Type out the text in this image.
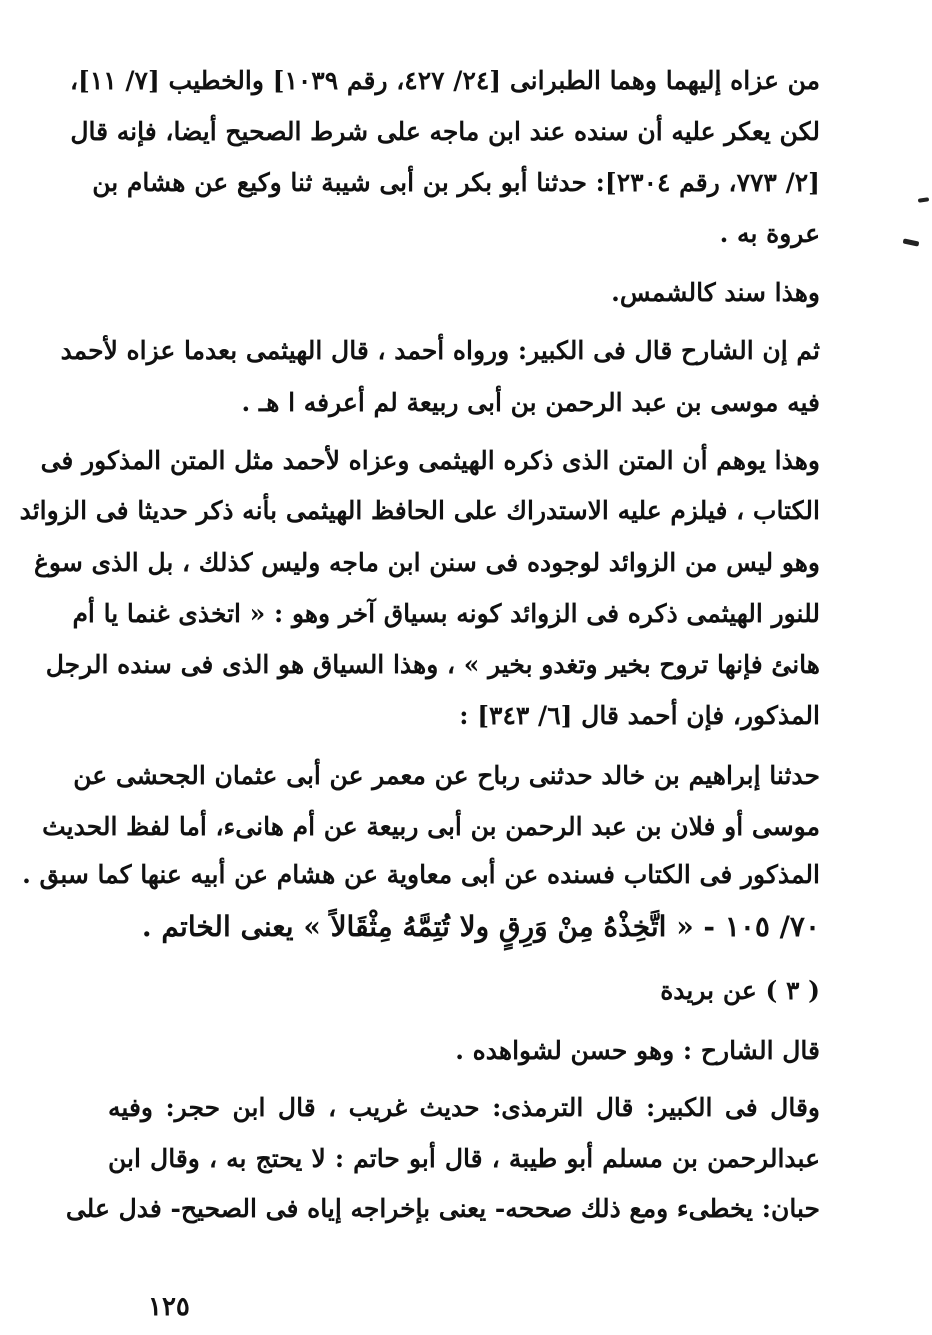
من عزاه إليهما وهما الطبرانى [٢٤/ ٤٢٧، رقم ١٠٣٩] والخطيب [٧/ ١١]،
لكن يعكر عليه أن سنده عند ابن ماجه على شرط الصحيح أيضا، فإنه قال
[٢/ ٧٧٣، رقم ٢٣٠٤]: حدثنا أبو بكر بن أبى شيبة ثنا وكيع عن هشام بن
عروة به .
وهذا سند كالشمس.
ثم إن الشارح قال فى الكبير: ورواه أحمد ، قال الهيثمى بعدما عزاه لأحمد
فيه موسى بن عبد الرحمن بن أبى ربيعة لم أعرفه ا هـ .
وهذا يوهم أن المتن الذى ذكره الهيثمى وعزاه لأحمد مثل المتن المذكور فى
الكتاب ، فيلزم عليه الاستدراك على الحافظ الهيثمى بأنه ذكر حديثا فى الزوائد
وهو ليس من الزوائد لوجوده فى سنن ابن ماجه وليس كذلك ، بل الذى سوغ
للنور الهيثمى ذكره فى الزوائد كونه بسياق آخر وهو : « اتخذى غنما يا أم
هانئ فإنها تروح بخير وتغدو بخير » ، وهذا السياق هو الذى فى سنده الرجل
المذكور، فإن أحمد قال [٦/ ٣٤٣] :
حدثنا إبراهيم بن خالد حدثنى رباح عن معمر عن أبى عثمان الجحشى عن
موسى أو فلان بن عبد الرحمن بن أبى ربيعة عن أم هانىء، أما لفظ الحديث
المذكور فى الكتاب فسنده عن أبى معاوية عن هشام عن أبيه عنها كما سبق .
٧٠/ ١٠٥ - « اتَّخِذْهُ مِنْ وَرِقٍ ولا تُتِمَّهُ مِثْقَالاً » يعنى الخاتم .
( ٣ ) عن بريدة
قال الشارح : وهو حسن لشواهده .
وقال فى الكبير: قال الترمذى: حديث غريب ، قال ابن حجر: وفيه
عبدالرحمن بن مسلم أبو طيبة ، قال أبو حاتم : لا يحتج به ، وقال ابن
حبان: يخطىء ومع ذلك صححه- يعنى بإخراجه إياه فى الصحيح- فدل على
١٢٥
